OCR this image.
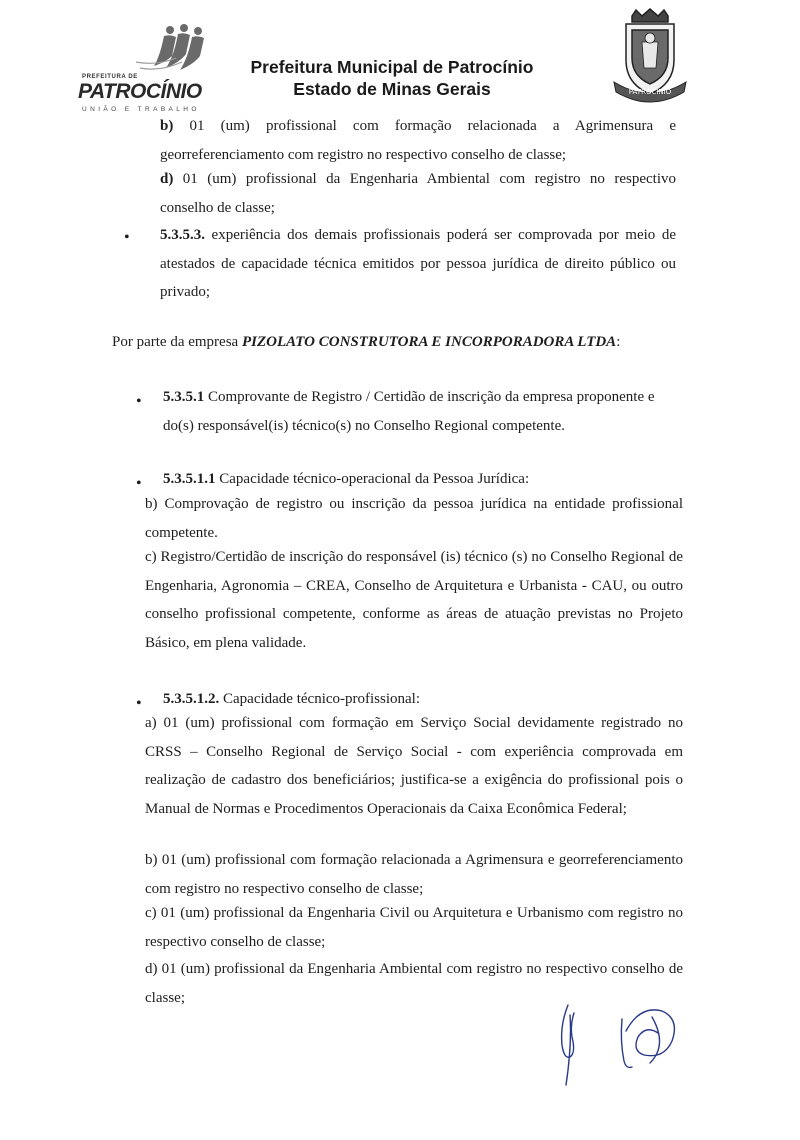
PREFEITURA DE
PATROCÍNIO
UNIÃO E TRABALHO
Prefeitura Municipal de Patrocínio
Estado de Minas Gerais	PATROCINIO

b) 01 (um) profissional com formação relacionada a Agrimensura e georreferenciamento com registro no respectivo conselho de classe;

d) 01 (um) profissional da Engenharia Ambiental com registro no respectivo conselho de classe;

• 5.3.5.3. experiência dos demais profissionais poderá ser comprovada por meio de atestados de capacidade técnica emitidos por pessoa jurídica de direito público ou privado;

Por parte da empresa PIZOLATO CONSTRUTORA E INCORPORADORA LTDA:

• 5.3.5.1 Comprovante de Registro / Certidão de inscrição da empresa proponente e do(s) responsável(is) técnico(s) no Conselho Regional competente.

• 5.3.5.1.1 Capacidade técnico-operacional da Pessoa Jurídica:

b) Comprovação de registro ou inscrição da pessoa jurídica na entidade profissional competente.
c) Registro/Certidão de inscrição do responsável (is) técnico (s) no Conselho Regional de Engenharia, Agronomia – CREA, Conselho de Arquitetura e Urbanista - CAU, ou outro conselho profissional competente, conforme as áreas de atuação previstas no Projeto Básico, em plena validade.
• 5.3.5.1.2. Capacidade técnico-profissional:

a) 01 (um) profissional com formação em Serviço Social devidamente registrado no CRSS – Conselho Regional de Serviço Social - com experiência comprovada em realização de cadastro dos beneficiários; justifica-se a exigência do profissional pois o Manual de Normas e Procedimentos Operacionais da Caixa Econômica Federal;
b) 01 (um) profissional com formação relacionada a Agrimensura e georreferenciamento com registro no respectivo conselho de classe;
c) 01 (um) profissional da Engenharia Civil ou Arquitetura e Urbanismo com registro no respectivo conselho de classe;
d) 01 (um) profissional da Engenharia Ambiental com registro no respectivo conselho de classe;
